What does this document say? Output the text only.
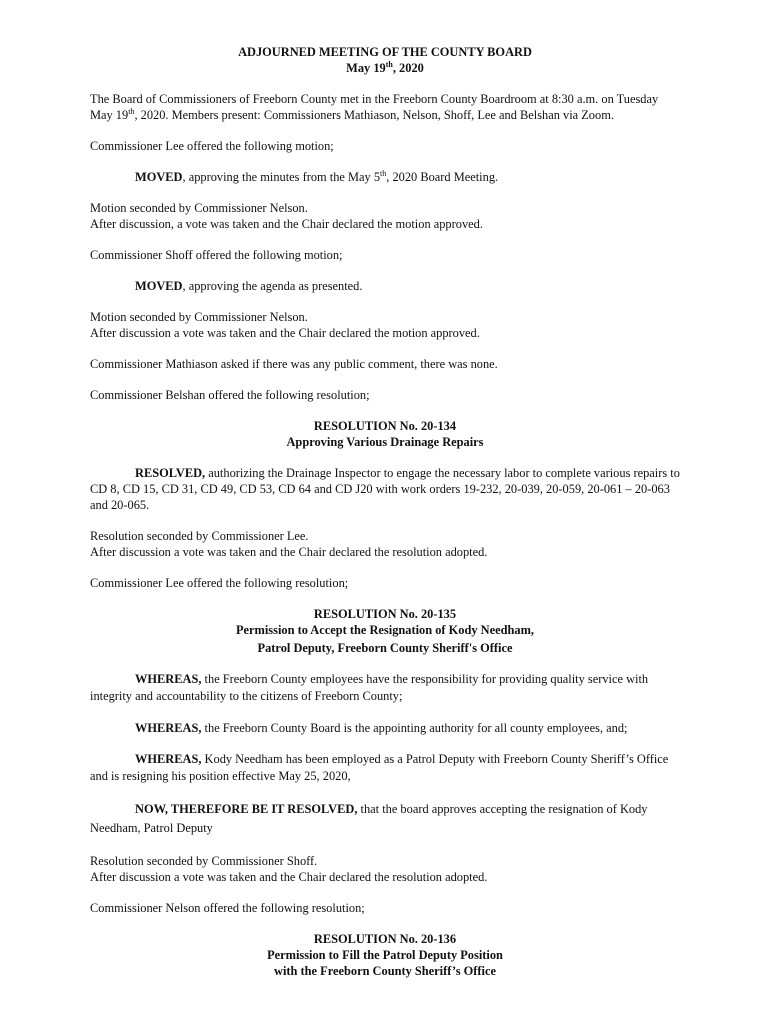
ADJOURNED MEETING OF THE COUNTY BOARD

May 19th, 2020

The Board of Commissioners of Freeborn County met in the Freeborn County Boardroom at 8:30 a.m. on Tuesday May 19th, 2020. Members present: Commissioners Mathiason, Nelson, Shoff, Lee and Belshan via Zoom.

Commissioner Lee offered the following motion;

MOVED, approving the minutes from the May 5th, 2020 Board Meeting.

Motion seconded by Commissioner Nelson.

After discussion, a vote was taken and the Chair declared the motion approved.

Commissioner Shoff offered the following motion;

MOVED, approving the agenda as presented.

Motion seconded by Commissioner Nelson.

After discussion a vote was taken and the Chair declared the motion approved.

Commissioner Mathiason asked if there was any public comment, there was none.

Commissioner Belshan offered the following resolution;

RESOLUTION No. 20-134

Approving Various Drainage Repairs

RESOLVED, authorizing the Drainage Inspector to engage the necessary labor to complete various repairs to CD 8, CD 15, CD 31, CD 49, CD 53, CD 64 and CD J20 with work orders 19-232, 20-039, 20-059, 20-061 – 20-063 and 20-065.

Resolution seconded by Commissioner Lee.

After discussion a vote was taken and the Chair declared the resolution adopted.

Commissioner Lee offered the following resolution;

RESOLUTION No. 20-135

Permission to Accept the Resignation of Kody Needham,

Patrol Deputy, Freeborn County Sheriff's Office

WHEREAS, the Freeborn County employees have the responsibility for providing quality service with integrity and accountability to the citizens of Freeborn County;

WHEREAS, the Freeborn County Board is the appointing authority for all county employees, and;

WHEREAS, Kody Needham has been employed as a Patrol Deputy with Freeborn County Sheriff’s Office and is resigning his position effective May 25, 2020,

NOW, THEREFORE BE IT RESOLVED, that the board approves accepting the resignation of Kody Needham, Patrol Deputy

Resolution seconded by Commissioner Shoff.

After discussion a vote was taken and the Chair declared the resolution adopted.

Commissioner Nelson offered the following resolution;

RESOLUTION No. 20-136

Permission to Fill the Patrol Deputy Position

with the Freeborn County Sheriff’s Office
